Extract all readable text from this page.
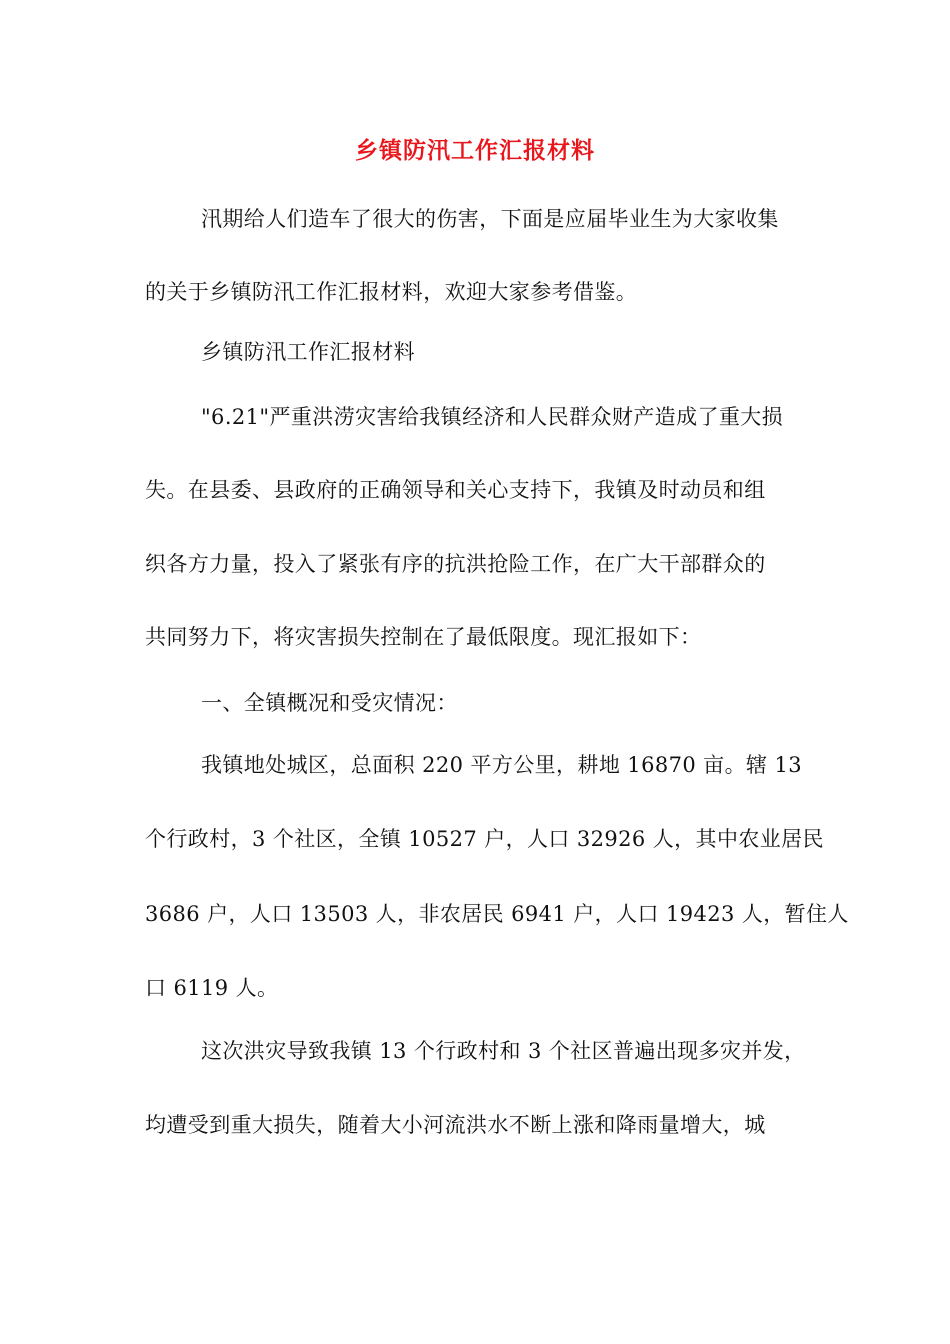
乡镇防汛工作汇报材料
汛期给人们造车了很大的伤害，下面是应届毕业生为大家收集
的关于乡镇防汛工作汇报材料，欢迎大家参考借鉴。
乡镇防汛工作汇报材料
"6.21"严重洪涝灾害给我镇经济和人民群众财产造成了重大损
失。在县委、县政府的正确领导和关心支持下，我镇及时动员和组
织各方力量，投入了紧张有序的抗洪抢险工作，在广大干部群众的
共同努力下，将灾害损失控制在了最低限度。现汇报如下：
一、全镇概况和受灾情况：
我镇地处城区，总面积 220 平方公里，耕地 16870 亩。辖 13
个行政村，3 个社区，全镇 10527 户，人口 32926 人，其中农业居民
3686 户，人口 13503 人，非农居民 6941 户，人口 19423 人，暂住人
口 6119 人。
这次洪灾导致我镇 13 个行政村和 3 个社区普遍出现多灾并发，
均遭受到重大损失，随着大小河流洪水不断上涨和降雨量增大，城
